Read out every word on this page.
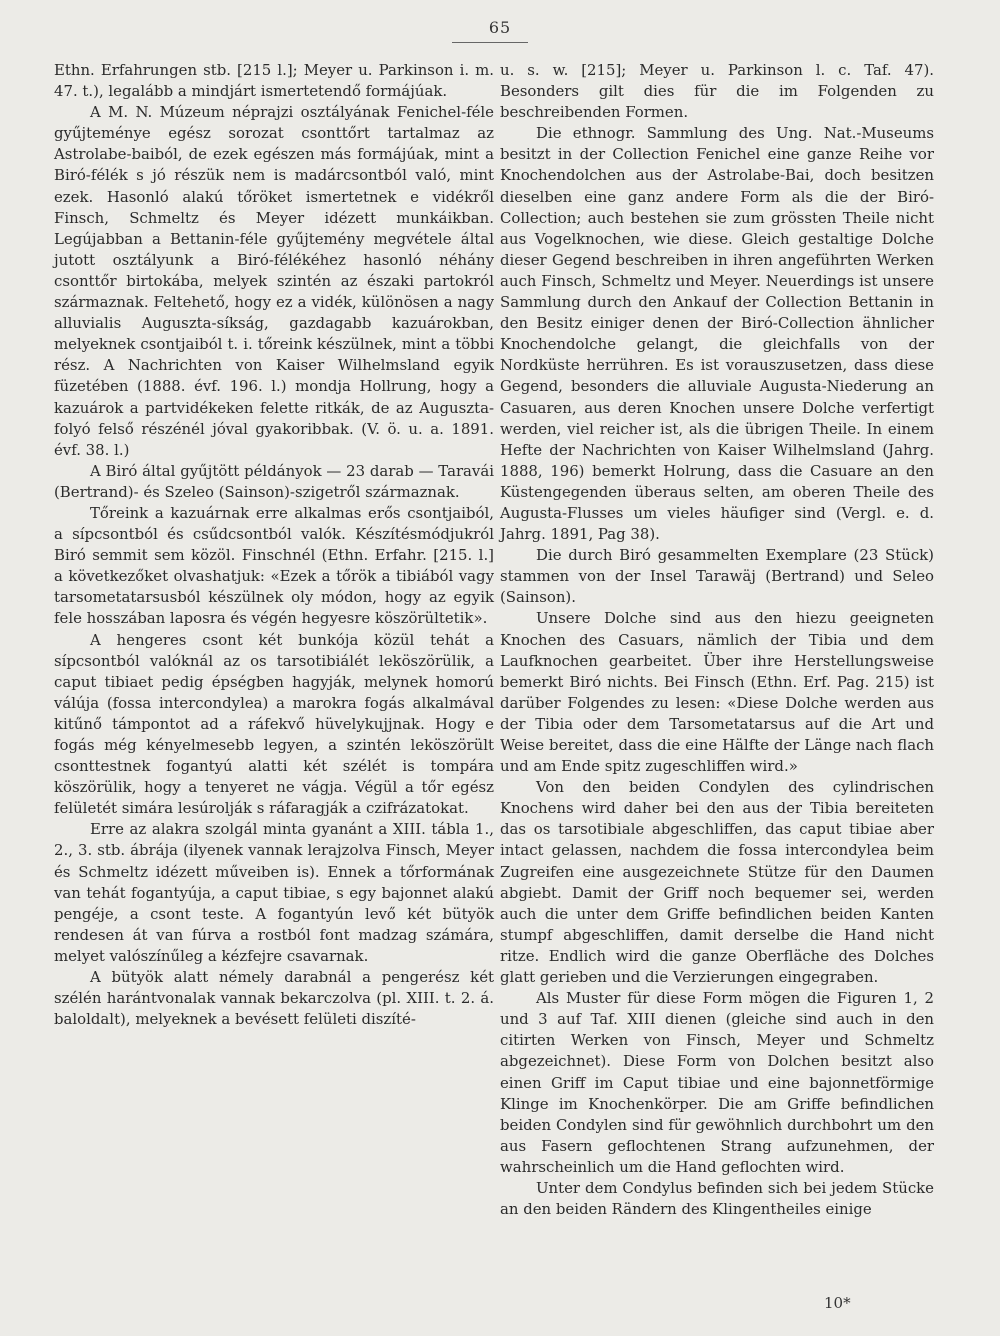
65

Ethn. Erfahrungen stb. [215 l.]; Meyer u. Parkinson i. m. 47. t.), legalább a mindjárt ismertetendő formájúak.

A M. N. Múzeum néprajzi osztályának Fenichel-féle gyűjteménye egész sorozat csonttőrt tartalmaz az Astrolabe-baiból, de ezek egészen más formájúak, mint a Biró-félék s jó részük nem is madárcsontból való, mint ezek. Hasonló alakú tőröket ismertetnek e vidékről Finsch, Schmeltz és Meyer idézett munkáikban. Legújabban a Bettanin-féle gyűjtemény megvétele által jutott osztályunk a Biró-félékéhez hasonló néhány csonttőr birtokába, melyek szintén az északi partokról származnak. Feltehető, hogy ez a vidék, különösen a nagy alluvialis Auguszta-síkság, gazdagabb kazuárokban, melyeknek csontjaiból t. i. tőreink készülnek, mint a többi rész. A Nachrichten von Kaiser Wilhelmsland egyik füzetében (1888. évf. 196. l.) mondja Hollrung, hogy a kazuárok a partvidékeken felette ritkák, de az Auguszta-folyó felső részénél jóval gyakoribbak. (V. ö. u. a. 1891. évf. 38. l.)

A Biró által gyűjtött példányok — 23 darab — Taravái (Bertrand)- és Szeleo (Sainson)-szigetről származnak.

Tőreink a kazuárnak erre alkalmas erős csontjaiból, a sípcsontból és csűdcsontból valók. Készítésmódjukról Biró semmit sem közöl. Finschnél (Ethn. Erfahr. [215. l.] a következőket olvashatjuk: «Ezek a tőrök a tibiából vagy tarsometatarsusból készülnek oly módon, hogy az egyik fele hosszában laposra és végén hegyesre köszörültetik».

A hengeres csont két bunkója közül tehát a sípcsontból valóknál az os tarsotibiálét leköszörülik, a caput tibiaet pedig épségben hagyják, melynek homorú válúja (fossa intercondylea) a marokra fogás alkalmával kitűnő támpontot ad a ráfekvő hüvelykujjnak. Hogy e fogás még kényelmesebb legyen, a szintén leköszörült csonttestnek fogantyú alatti két szélét is tompára köszörülik, hogy a tenyeret ne vágja. Végül a tőr egész felületét simára lesúrolják s ráfaragják a czifrázatokat.

Erre az alakra szolgál minta gyanánt a XIII. tábla 1., 2., 3. stb. ábrája (ilyenek vannak lerajzolva Finsch, Meyer és Schmeltz idézett műveiben is). Ennek a tőrformának van tehát fogantyúja, a caput tibiae, s egy bajonnet alakú pengéje, a csont teste. A fogantyún levő két bütyök rendesen át van fúrva a rostból font madzag számára, melyet valószínűleg a kézfejre csavarnak.

A bütyök alatt némely darabnál a pengerész két szélén harántvonalak vannak bekarczolva (pl. XIII. t. 2. á. baloldalt), melyeknek a bevésett felületi diszíté-

u. s. w. [215]; Meyer u. Parkinson l. c. Taf. 47). Besonders gilt dies für die im Folgenden zu beschreibenden Formen.

Die ethnogr. Sammlung des Ung. Nat.-Museums besitzt in der Collection Fenichel eine ganze Reihe vor Knochendolchen aus der Astrolabe-Bai, doch besitzen dieselben eine ganz andere Form als die der Biró-Collection; auch bestehen sie zum grössten Theile nicht aus Vogelknochen, wie diese. Gleich gestaltige Dolche dieser Gegend beschreiben in ihren angeführten Werken auch Finsch, Schmeltz und Meyer. Neuerdings ist unsere Sammlung durch den Ankauf der Collection Bettanin in den Besitz einiger denen der Biró-Collection ähnlicher Knochendolche gelangt, die gleichfalls von der Nordküste herrühren. Es ist vorauszusetzen, dass diese Gegend, besonders die alluviale Augusta-Niederung an Casuaren, aus deren Knochen unsere Dolche verfertigt werden, viel reicher ist, als die übrigen Theile. In einem Hefte der Nachrichten von Kaiser Wilhelmsland (Jahrg. 1888, 196) bemerkt Holrung, dass die Casuare an den Küstengegenden überaus selten, am oberen Theile des Augusta-Flusses um vieles häufiger sind (Vergl. e. d. Jahrg. 1891, Pag 38).

Die durch Biró gesammelten Exemplare (23 Stück) stammen von der Insel Tarawäj (Bertrand) und Seleo (Sainson).

Unsere Dolche sind aus den hiezu geeigneten Knochen des Casuars, nämlich der Tibia und dem Laufknochen gearbeitet. Über ihre Herstellungsweise bemerkt Biró nichts. Bei Finsch (Ethn. Erf. Pag. 215) ist darüber Folgendes zu lesen: «Diese Dolche werden aus der Tibia oder dem Tarsometatarsus auf die Art und Weise bereitet, dass die eine Hälfte der Länge nach flach und am Ende spitz zugeschliffen wird.»

Von den beiden Condylen des cylindrischen Knochens wird daher bei den aus der Tibia bereiteten das os tarsotibiale abgeschliffen, das caput tibiae aber intact gelassen, nachdem die fossa intercondylea beim Zugreifen eine ausgezeichnete Stütze für den Daumen abgiebt. Damit der Griff noch bequemer sei, werden auch die unter dem Griffe befindlichen beiden Kanten stumpf abgeschliffen, damit derselbe die Hand nicht ritze. Endlich wird die ganze Oberfläche des Dolches glatt gerieben und die Verzierungen eingegraben.

Als Muster für diese Form mögen die Figuren 1, 2 und 3 auf Taf. XIII dienen (gleiche sind auch in den citirten Werken von Finsch, Meyer und Schmeltz abgezeichnet). Diese Form von Dolchen besitzt also einen Griff im Caput tibiae und eine bajonnetförmige Klinge im Knochenkörper. Die am Griffe befindlichen beiden Condylen sind für gewöhnlich durchbohrt um den aus Fasern geflochtenen Strang aufzunehmen, der wahrscheinlich um die Hand geflochten wird.

Unter dem Condylus befinden sich bei jedem Stücke an den beiden Rändern des Klingentheiles einige

10*
